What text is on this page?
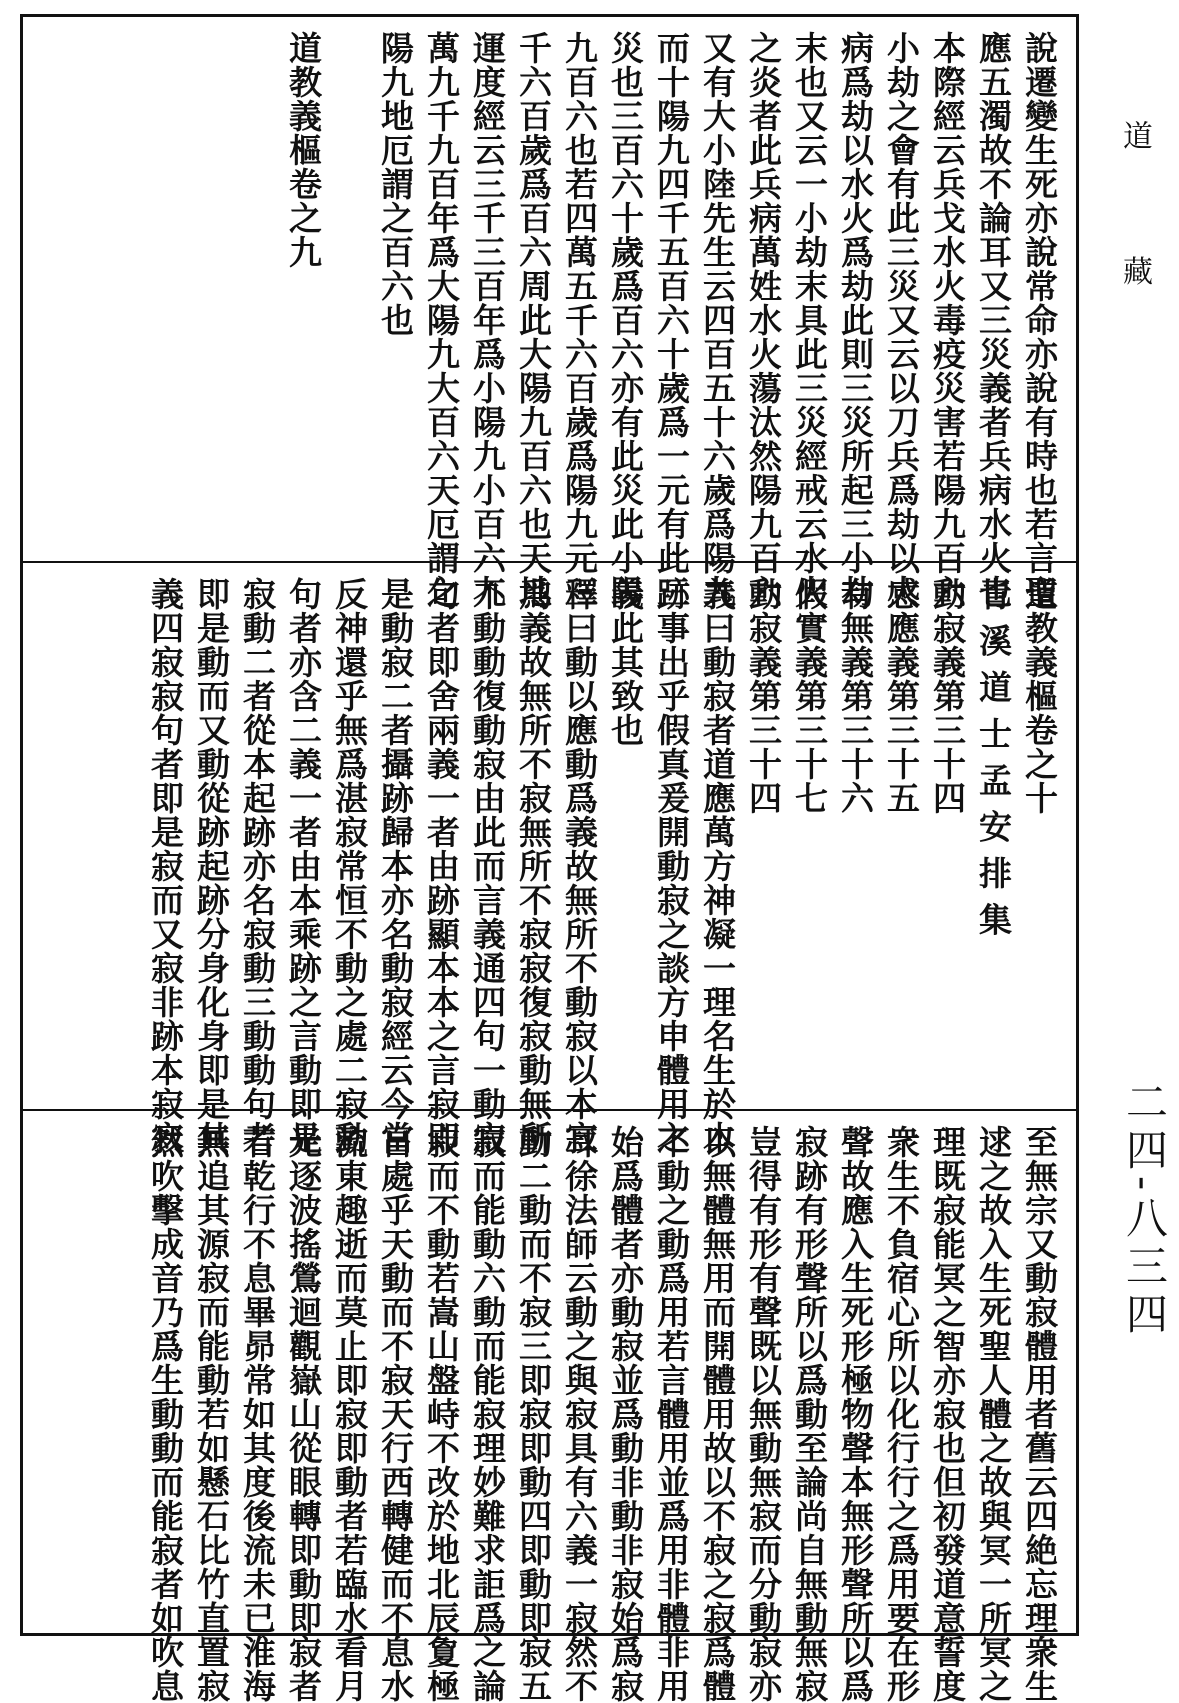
說遷變生死亦說常命亦說有時也若言聖
應五濁故不論耳又三災義者兵病水火也
本際經云兵戈水火毒疫災害若陽九百六
小劫之會有此三災又云以刀兵爲劫以大
病爲劫以水火爲劫此則三災所起三小劫
末也又云一小劫末具此三災經戒云水火
之炎者此兵病萬姓水火蕩汰然陽九百六
又有大小陸先生云四百五十六歲爲陽九
而十陽九四千五百六十歲爲一元有此三
災也三百六十歲爲百六亦有此災此小陽
九百六也若四萬五千六百歲爲陽九元三
千六百歲爲百六周此大陽九百六也天地
運度經云三千三百年爲小陽九小百六九
萬九千九百年爲大陽九大百六天厄謂之
陽九地厄謂之百六也

道教義樞卷之九
道教義樞卷之十
青 溪 道 士 孟 安 排 集
動寂義第三十四
感應義第三十五
有無義第三十六
假實義第三十七
動寂義第三十四
義曰動寂者道應萬方神凝一理名生於本
跡事出乎假真爰開動寂之談方申體用之
義此其致也
釋曰動以應動爲義故無所不動寂以本寂
爲義故無所不寂無所不寂寂復寂動無所
不動動復動寂由此而言義通四句一動寂
句者即舍兩義一者由跡顯本本之言寂即
是動寂二者攝跡歸本亦名動寂經云今當
反神還乎無爲湛寂常恒不動之處二寂動
句者亦含二義一者由本乘跡之言動即是
寂動二者從本起跡亦名寂動三動動句者
即是動而又動從跡起跡分身化身即是其
義四寂寂句者即是寂而又寂非跡本寂寂
至無宗又動寂體用者舊云四絶忘理衆生
逑之故入生死聖人體之故與冥一所冥之
理既寂能冥之智亦寂也但初發道意誓度
衆生不負宿心所以化行行之爲用要在形
聲故應入生死形極物聲本無形聲所以爲
寂跡有形聲所以爲動至論尚自無動無寂
豈得有形有聲既以無動無寂而分動寂亦
以無體無用而開體用故以不寂之寂爲體
不動之動爲用若言體用並爲用非體非用
始爲體者亦動寂並爲動非動非寂始爲寂
耳徐法師云動之與寂具有六義一寂然不
動二動而不寂三即寂即動四即動即寂五
寂而能動六動而能寂理妙難求詎爲之論
寂而不動若嵩山盤峙不改於地北辰夐極
自處乎天動而不寂天行西轉健而不息水
流東趣逝而莫止即寂即動者若臨水看月
光逐波搖鶯迴觀嶽山從眼轉即動即寂者
若乾行不息畢昴常如其度後流未已淮海
無追其源寂而能動若如懸石比竹直置寂
然吹擊成音乃爲生動動而能寂者如吹息
道 藏
二四-八三四
